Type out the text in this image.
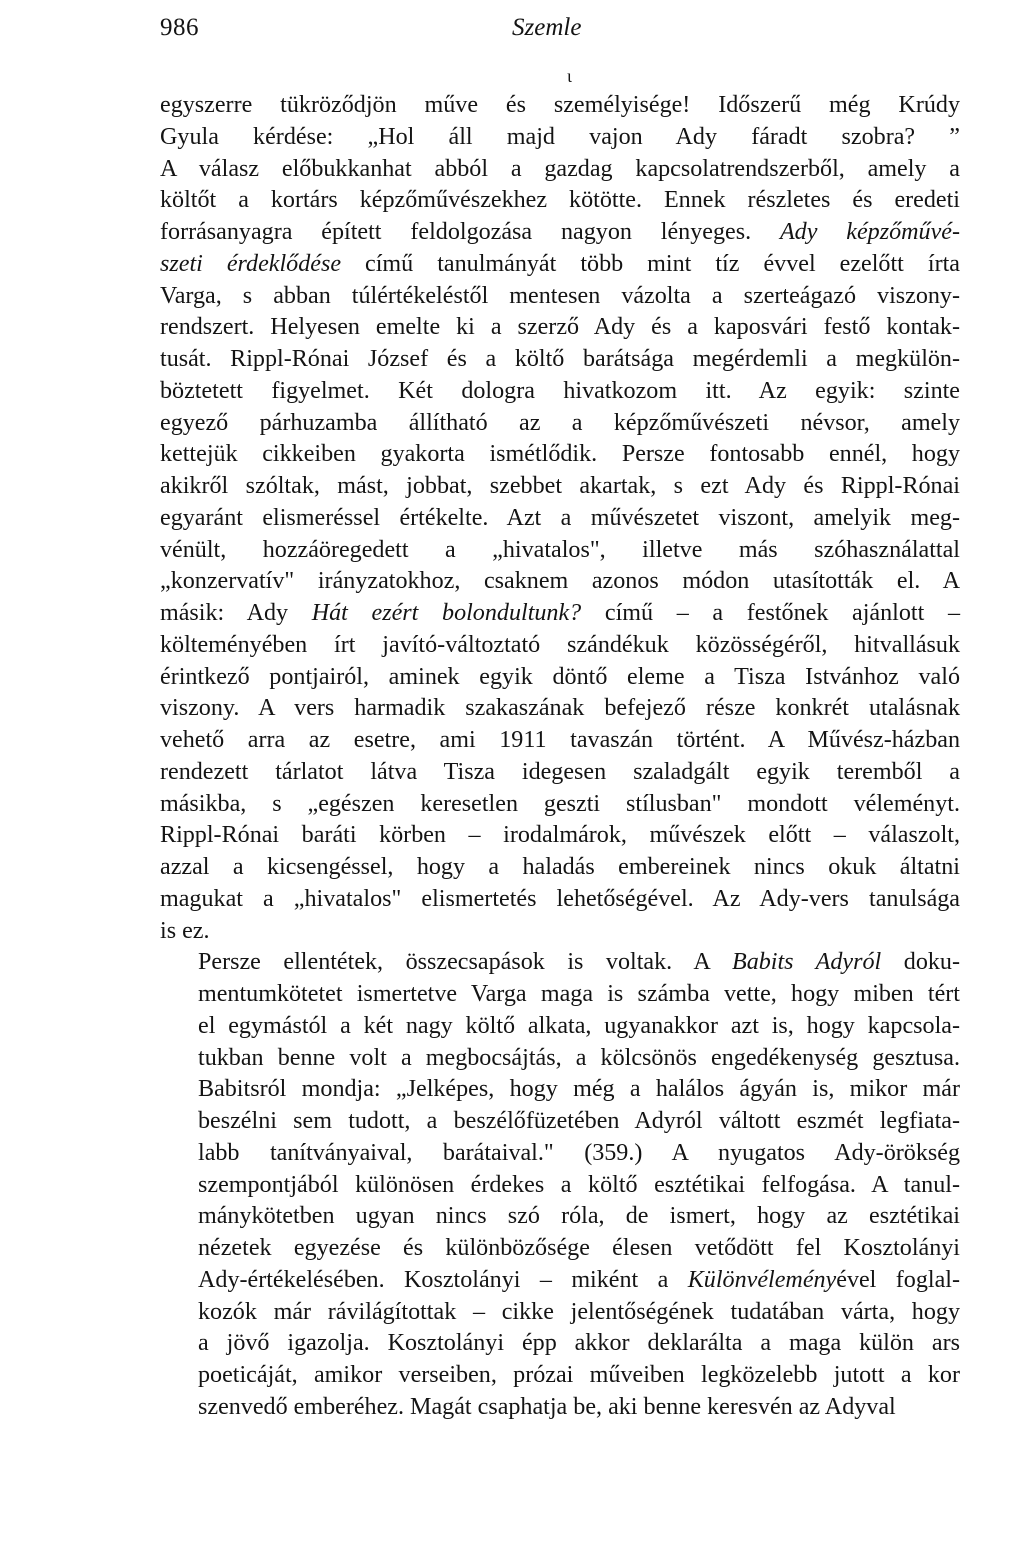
986	Szemle
ι
egyszerre tükröződjön műve és személyisége! Időszerű még Krúdy
Gyula kérdése: „Hol áll majd vajon Ady fáradt szobra? ”
A válasz előbukkanhat abból a gazdag kapcsolatrendszerből, amely a
költőt a kortárs képzőművészekhez kötötte. Ennek részletes és eredeti
forrásanyagra épített feldolgozása nagyon lényeges. Ady képzőművé-
szeti érdeklődése című tanulmányát több mint tíz évvel ezelőtt írta
Varga, s abban túlértékeléstől mentesen vázolta a szerteágazó viszony-
rendszert. Helyesen emelte ki a szerző Ady és a kaposvári festő kontak-
tusát. Rippl-Rónai József és a költő barátsága megérdemli a megkülön-
böztetett figyelmet. Két dologra hivatkozom itt. Az egyik: szinte
egyező párhuzamba állítható az a képzőművészeti névsor, amely
kettejük cikkeiben gyakorta ismétlődik. Persze fontosabb ennél, hogy
akikről szóltak, mást, jobbat, szebbet akartak, s ezt Ady és Rippl-Rónai
egyaránt elismeréssel értékelte. Azt a művészetet viszont, amelyik meg-
vénült, hozzáöregedett a „hivatalos", illetve más szóhasználattal
„konzervatív" irányzatokhoz, csaknem azonos módon utasították el. A
másik: Ady Hát ezért bolondultunk? című – a festőnek ajánlott –
költeményében írt javító-változtató szándékuk közösségéről, hitvallásuk
érintkező pontjairól, aminek egyik döntő eleme a Tisza Istvánhoz való
viszony. A vers harmadik szakaszának befejező része konkrét utalásnak
vehető arra az esetre, ami 1911 tavaszán történt. A Művész-házban
rendezett tárlatot látva Tisza idegesen szaladgált egyik teremből a
másikba, s „egészen keresetlen geszti stílusban" mondott véleményt.
Rippl-Rónai baráti körben – irodalmárok, művészek előtt – válaszolt,
azzal a kicsengéssel, hogy a haladás embereinek nincs okuk áltatni
magukat a „hivatalos" elismertetés lehetőségével. Az Ady-vers tanulsága
is ez.
Persze ellentétek, összecsapások is voltak. A Babits Adyról doku-
mentumkötetet ismertetve Varga maga is számba vette, hogy miben tért
el egymástól a két nagy költő alkata, ugyanakkor azt is, hogy kapcsola-
tukban benne volt a megbocsájtás, a kölcsönös engedékenység gesztusa.
Babitsról mondja: „Jelképes, hogy még a halálos ágyán is, mikor már
beszélni sem tudott, a beszélőfüzetében Adyról váltott eszmét legfiata-
labb tanítványaival, barátaival." (359.) A nyugatos Ady-örökség
szempontjából különösen érdekes a költő esztétikai felfogása. A tanul-
mánykötetben ugyan nincs szó róla, de ismert, hogy az esztétikai
nézetek egyezése és különbözősége élesen vetődött fel Kosztolányi
Ady-értékelésében. Kosztolányi – miként a Különvéleményével foglal-
kozók már rávilágítottak – cikke jelentőségének tudatában várta, hogy
a jövő igazolja. Kosztolányi épp akkor deklarálta a maga külön ars
poeticáját, amikor verseiben, prózai műveiben legközelebb jutott a kor
szenvedő emberéhez. Magát csaphatja be, aki benne keresvén az Adyval
